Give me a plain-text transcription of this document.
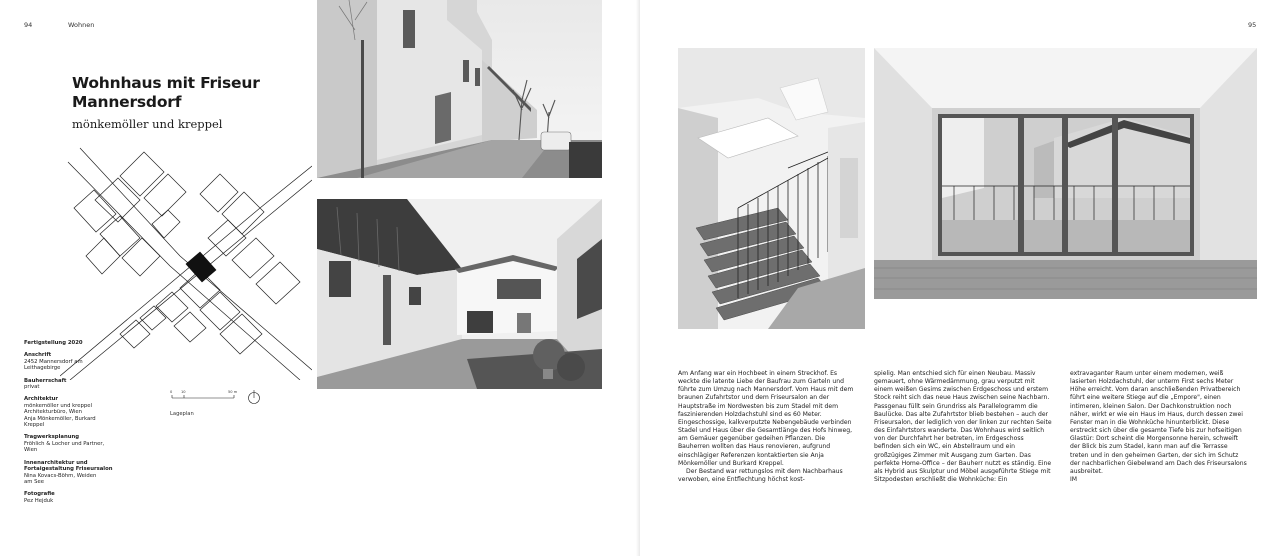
94	Wohnen
Wohnhaus mit Friseur Mannersdorf
mönkemöller und kreppel
0 10	50 m
Lageplan
Fertigstellung 2020
Anschrift
2452 Mannersdorf am
Leithagebirge
Bauherrschaft
privat
Architektur
mönkemöller und kreppel
Architekturbüro, Wien
Anja Mönkemöller, Burkard
Kreppel
Tragwerksplanung
Fröhlich & Locher und Partner,
Wien
Innenarchitektur und
Fortaigestaltung Friseursalon
Nina Kovacs-Böhm, Weiden
am See
Fotografie
Pez Hejduk
95

Am Anfang war ein Hochbeet in einem Streckhof. Es weckte die latente Liebe der Baufrau zum Garteln und führte zum Umzug nach Mannersdorf. Vom Haus mit dem braunen Zufahrtstor und dem Friseursalon an der Hauptstraße im Nordwesten bis zum Stadel mit dem faszinierenden Holzdachstuhl sind es 60 Meter. Eingeschossige, kalkverputzte Nebengebäude verbinden Stadel und Haus über die Gesamtlänge des Hofs hinweg, am Gemäuer gegenüber gedeihen Pflanzen. Die Bauherren wollten das Haus renovieren, aufgrund einschlägiger Referenzen kontaktierten sie Anja Mönkemöller und Burkard Kreppel.

Der Bestand war rettungslos mit dem Nachbarhaus verwoben, eine Entflechtung höchst kost-

spielig. Man entschied sich für einen Neubau. Massiv gemauert, ohne Wärmedämmung, grau verputzt mit einem weißen Gesims zwischen Erdgeschoss und erstem Stock reiht sich das neue Haus zwischen seine Nachbarn. Passgenau füllt sein Grundriss als Parallelogramm die Baulücke. Das alte Zufahrtstor blieb bestehen – auch der Friseursalon, der lediglich von der linken zur rechten Seite des Einfahrtstors wanderte. Das Wohnhaus wird seitlich von der Durchfahrt her betreten, im Erdgeschoss befinden sich ein WC, ein Abstellraum und ein großzügiges Zimmer mit Ausgang zum Garten. Das perfekte Home-Office – der Bauherr nutzt es ständig. Eine als Hybrid aus Skulptur und Möbel ausgeführte Stiege mit Sitzpodesten erschließt die Wohnküche: Ein

extravaganter Raum unter einem modernen, weiß lasierten Holzdachstuhl, der unterm First sechs Meter Höhe erreicht. Vom daran anschließenden Privatbereich führt eine weitere Stiege auf die „Empore", einen intimeren, kleinen Salon. Der Dachkonstruktion noch näher, wirkt er wie ein Haus im Haus, durch dessen zwei Fenster man in die Wohnküche hinunterblickt. Diese erstreckt sich über die gesamte Tiefe bis zur hofseitigen Glastür: Dort scheint die Morgensonne herein, schweift der Blick bis zum Stadel, kann man auf die Terrasse treten und in den geheimen Garten, der sich im Schutz der nachbarlichen Giebelwand am Dach des Friseursalons ausbreitet.

IM
